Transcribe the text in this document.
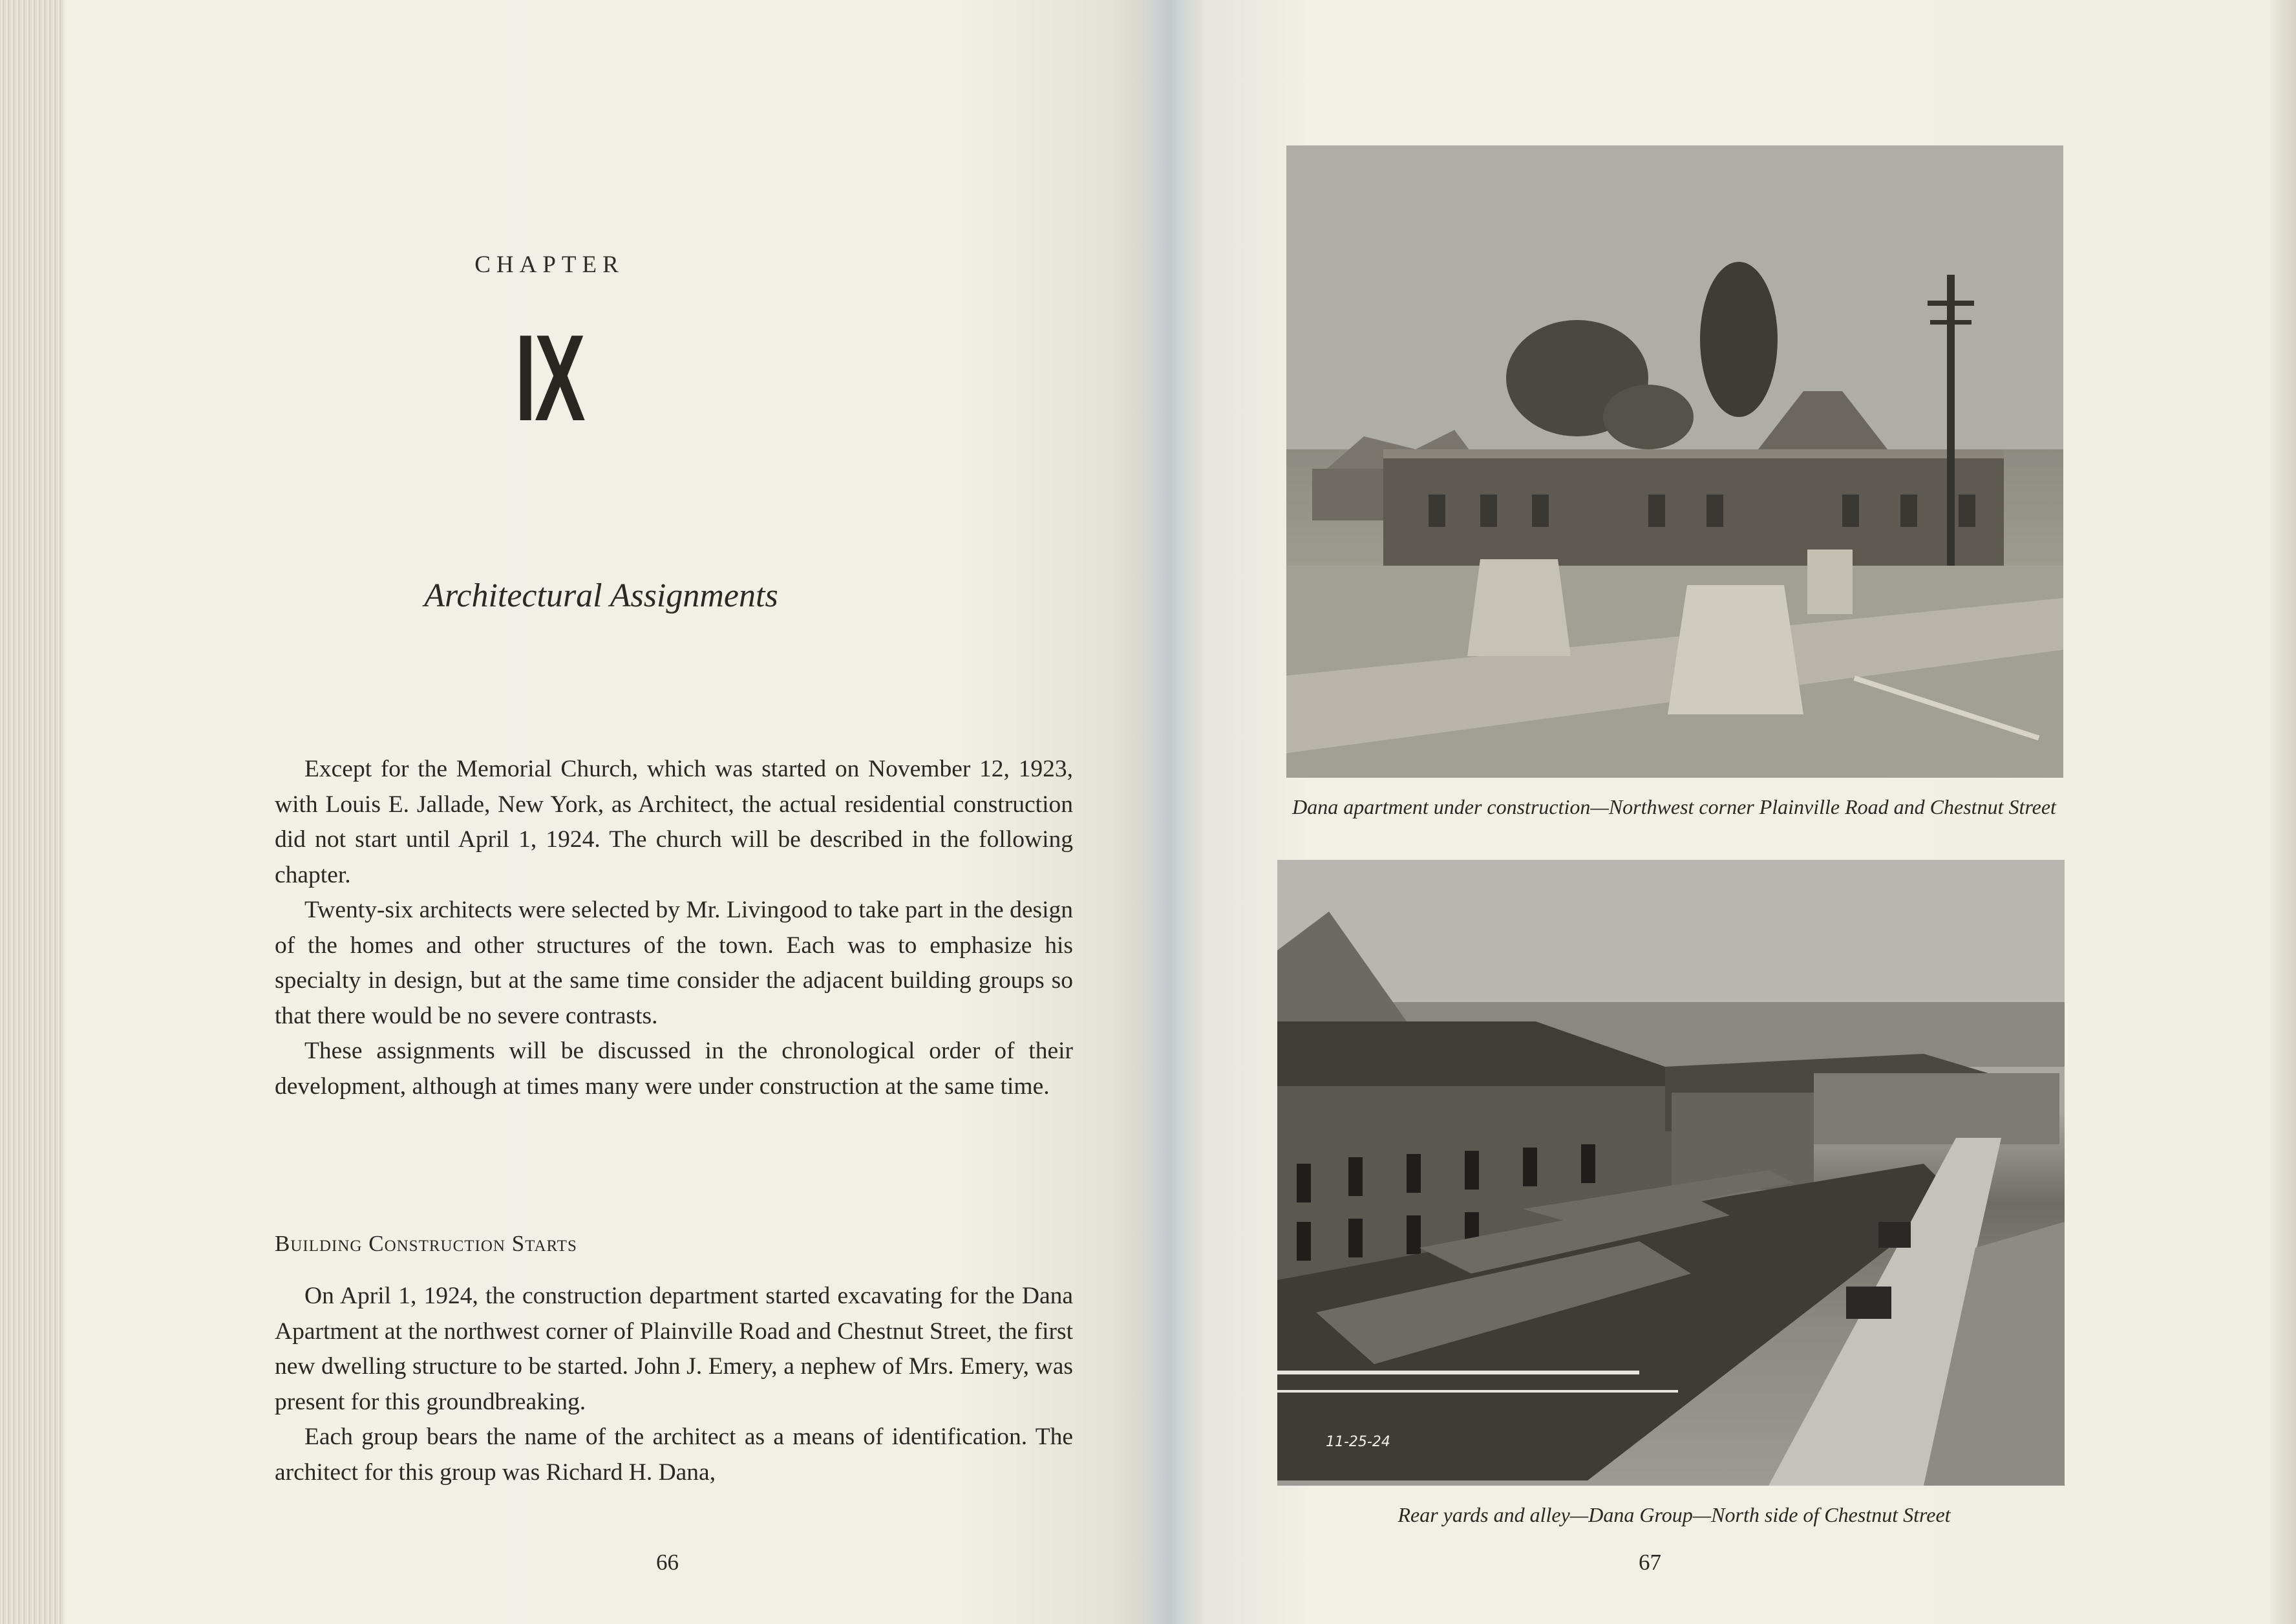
CHAPTER
IX
Architectural Assignments

Except for the Memorial Church, which was started on November 12, 1923, with Louis E. Jallade, New York, as Architect, the actual residential construction did not start until April 1, 1924. The church will be described in the following chapter.

Twenty-six architects were selected by Mr. Livingood to take part in the design of the homes and other structures of the town. Each was to emphasize his specialty in design, but at the same time consider the adjacent building groups so that there would be no severe contrasts.

These assignments will be discussed in the chronological order of their development, although at times many were under construction at the same time.

Building Construction Starts

On April 1, 1924, the construction department started excavating for the Dana Apartment at the northwest corner of Plainville Road and Chestnut Street, the first new dwelling structure to be started. John J. Emery, a nephew of Mrs. Emery, was present for this groundbreaking.

Each group bears the name of the architect as a means of identification. The architect for this group was Richard H. Dana,

66
Dana apartment under construction—Northwest corner Plainville Road and Chestnut Street
11-25-24
Rear yards and alley—Dana Group—North side of Chestnut Street
67
